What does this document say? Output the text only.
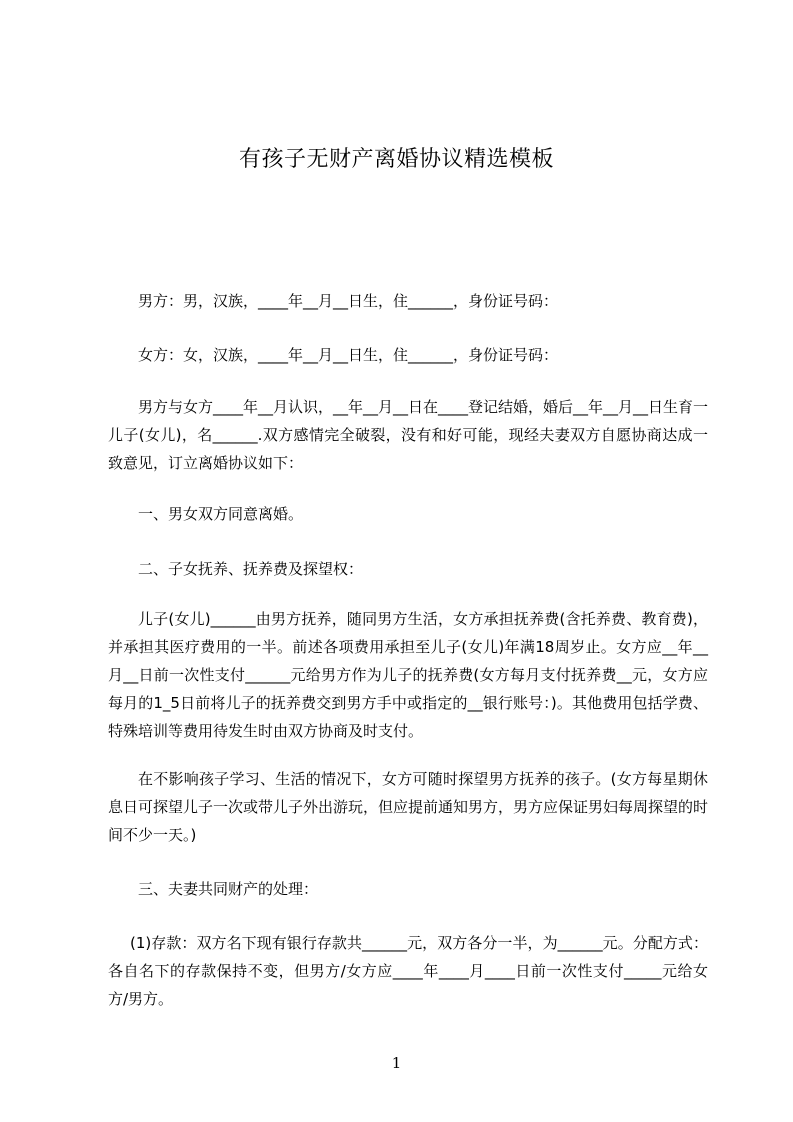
有孩子无财产离婚协议精选模板

男方：男，汉族，____年__月__日生，住______，身份证号码：

女方：女，汉族，____年__月__日生，住______，身份证号码：

男方与女方____年__月认识，__年__月__日在____登记结婚，婚后__年__月__日生育一儿子(女儿)，名______.双方感情完全破裂，没有和好可能，现经夫妻双方自愿协商达成一致意见，订立离婚协议如下：

一、男女双方同意离婚。

二、子女抚养、抚养费及探望权：

儿子(女儿)______由男方抚养，随同男方生活，女方承担抚养费(含托养费、教育费)，并承担其医疗费用的一半。前述各项费用承担至儿子(女儿)年满18周岁止。女方应__年__月__日前一次性支付______元给男方作为儿子的抚养费(女方每月支付抚养费__元，女方应每月的1_5日前将儿子的抚养费交到男方手中或指定的__银行账号：)。其他费用包括学费、特殊培训等费用待发生时由双方协商及时支付。

在不影响孩子学习、生活的情况下，女方可随时探望男方抚养的孩子。(女方每星期休息日可探望儿子一次或带儿子外出游玩，但应提前通知男方，男方应保证男妇每周探望的时间不少一天。)

三、夫妻共同财产的处理：

(1)存款：双方名下现有银行存款共______元，双方各分一半，为______元。分配方式：各自名下的存款保持不变，但男方/女方应____年____月____日前一次性支付_____元给女方/男方。

1
